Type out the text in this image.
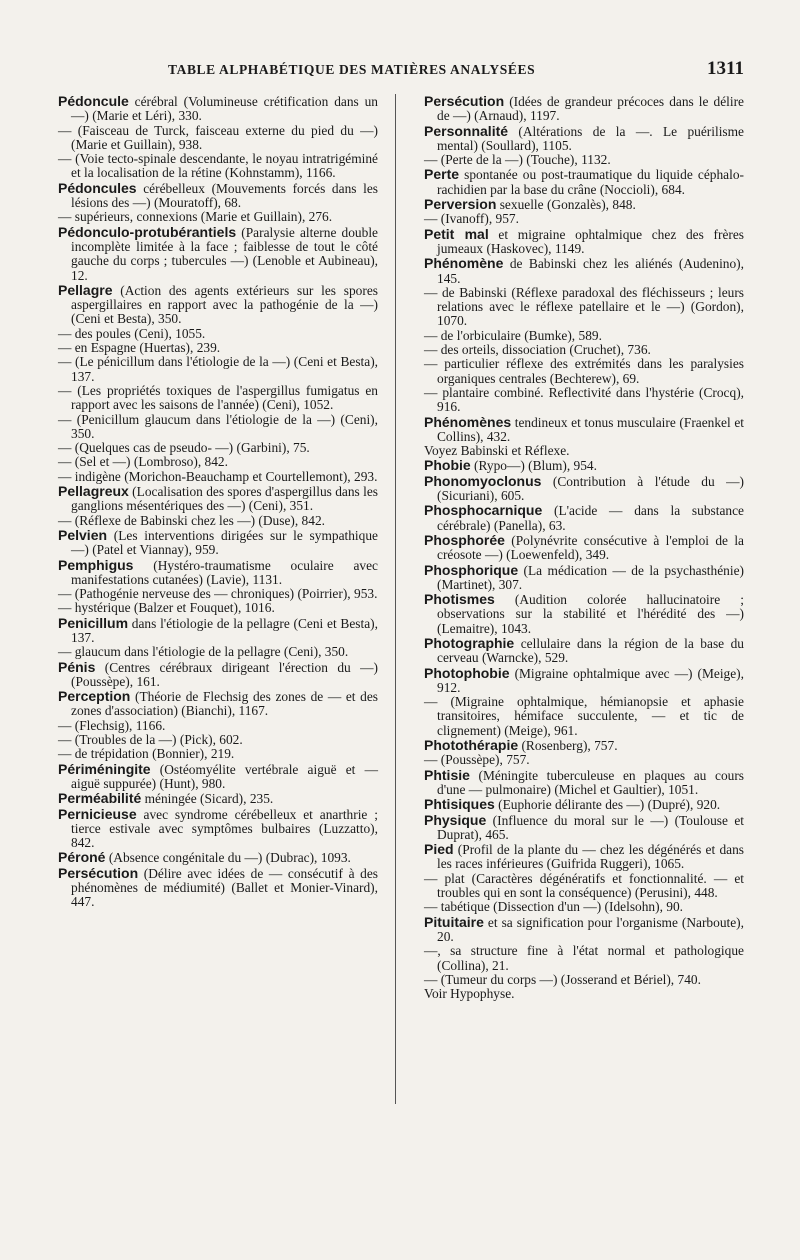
TABLE ALPHABÉTIQUE DES MATIÈRES ANALYSÉES	1311

Pédoncule cérébral (Volumineuse crétification dans un —) (Marie et Léri), 330.

— (Faisceau de Turck, faisceau externe du pied du —) (Marie et Guillain), 938.

— (Voie tecto-spinale descendante, le noyau intratrigéminé et la localisation de la rétine (Kohnstamm), 1166.

Pédoncules cérébelleux (Mouvements forcés dans les lésions des —) (Mouratoff), 68.

— supérieurs, connexions (Marie et Guillain), 276.

Pédonculo-protubérantiels (Paralysie alterne double incomplète limitée à la face ; faiblesse de tout le côté gauche du corps ; tubercules —) (Lenoble et Aubineau), 12.

Pellagre (Action des agents extérieurs sur les spores aspergillaires en rapport avec la pathogénie de la —) (Ceni et Besta), 350.

— des poules (Ceni), 1055.

— en Espagne (Huertas), 239.

— (Le pénicillum dans l'étiologie de la —) (Ceni et Besta), 137.

— (Les propriétés toxiques de l'aspergillus fumigatus en rapport avec les saisons de l'année) (Ceni), 1052.

— (Penicillum glaucum dans l'étiologie de la —) (Ceni), 350.

— (Quelques cas de pseudo- —) (Garbini), 75.

— (Sel et —) (Lombroso), 842.

— indigène (Morichon-Beauchamp et Courtellemont), 293.

Pellagreux (Localisation des spores d'aspergillus dans les ganglions mésentériques des —) (Ceni), 351.

— (Réflexe de Babinski chez les —) (Duse), 842.

Pelvien (Les interventions dirigées sur le sympathique —) (Patel et Viannay), 959.

Pemphigus (Hystéro-traumatisme oculaire avec manifestations cutanées) (Lavie), 1131.

— (Pathogénie nerveuse des — chroniques) (Poirrier), 953.

— hystérique (Balzer et Fouquet), 1016.

Penicillum dans l'étiologie de la pellagre (Ceni et Besta), 137.

— glaucum dans l'étiologie de la pellagre (Ceni), 350.

Pénis (Centres cérébraux dirigeant l'érection du —) (Poussèpe), 161.

Perception (Théorie de Flechsig des zones de — et des zones d'association) (Bianchi), 1167.

— (Flechsig), 1166.

— (Troubles de la —) (Pick), 602.

— de trépidation (Bonnier), 219.

Périméningite (Ostéomyélite vertébrale aiguë et — aiguë suppurée) (Hunt), 980.

Perméabilité méningée (Sicard), 235.

Pernicieuse avec syndrome cérébelleux et anarthrie ; tierce estivale avec symptômes bulbaires (Luzzatto), 842.

Péroné (Absence congénitale du —) (Dubrac), 1093.

Persécution (Délire avec idées de — consécutif à des phénomènes de médiumité) (Ballet et Monier-Vinard), 447.

Persécution (Idées de grandeur précoces dans le délire de —) (Arnaud), 1197.

Personnalité (Altérations de la —. Le puérilisme mental) (Soullard), 1105.

— (Perte de la —) (Touche), 1132.

Perte spontanée ou post-traumatique du liquide céphalo-rachidien par la base du crâne (Noccioli), 684.

Perversion sexuelle (Gonzalès), 848.

— (Ivanoff), 957.

Petit mal et migraine ophtalmique chez des frères jumeaux (Haskovec), 1149.

Phénomène de Babinski chez les aliénés (Audenino), 145.

— de Babinski (Réflexe paradoxal des fléchisseurs ; leurs relations avec le réflexe patellaire et le —) (Gordon), 1070.

— de l'orbiculaire (Bumke), 589.

— des orteils, dissociation (Cruchet), 736.

— particulier réflexe des extrémités dans les paralysies organiques centrales (Bechterew), 69.

— plantaire combiné. Reflectivité dans l'hystérie (Crocq), 916.

Phénomènes tendineux et tonus musculaire (Fraenkel et Collins), 432.

Voyez Babinski et Réflexe.

Phobie (Rypo—) (Blum), 954.

Phonomyoclonus (Contribution à l'étude du —) (Sicuriani), 605.

Phosphocarnique (L'acide — dans la substance cérébrale) (Panella), 63.

Phosphorée (Polynévrite consécutive à l'emploi de la créosote —) (Loewenfeld), 349.

Phosphorique (La médication — de la psychasthénie) (Martinet), 307.

Photismes (Audition colorée hallucinatoire ; observations sur la stabilité et l'hérédité des —) (Lemaitre), 1043.

Photographie cellulaire dans la région de la base du cerveau (Warncke), 529.

Photophobie (Migraine ophtalmique avec —) (Meige), 912.

— (Migraine ophtalmique, hémianopsie et aphasie transitoires, hémiface succulente, — et tic de clignement) (Meige), 961.

Photothérapie (Rosenberg), 757.

— (Poussèpe), 757.

Phtisie (Méningite tuberculeuse en plaques au cours d'une — pulmonaire) (Michel et Gaultier), 1051.

Phtisiques (Euphorie délirante des —) (Dupré), 920.

Physique (Influence du moral sur le —) (Toulouse et Duprat), 465.

Pied (Profil de la plante du — chez les dégénérés et dans les races inférieures (Guifrida Ruggeri), 1065.

— plat (Caractères dégénératifs et fonctionnalité. — et troubles qui en sont la conséquence) (Perusini), 448.

— tabétique (Dissection d'un —) (Idelsohn), 90.

Pituitaire et sa signification pour l'organisme (Narboute), 20.

—, sa structure fine à l'état normal et pathologique (Collina), 21.

— (Tumeur du corps —) (Josserand et Bériel), 740.

Voir Hypophyse.
